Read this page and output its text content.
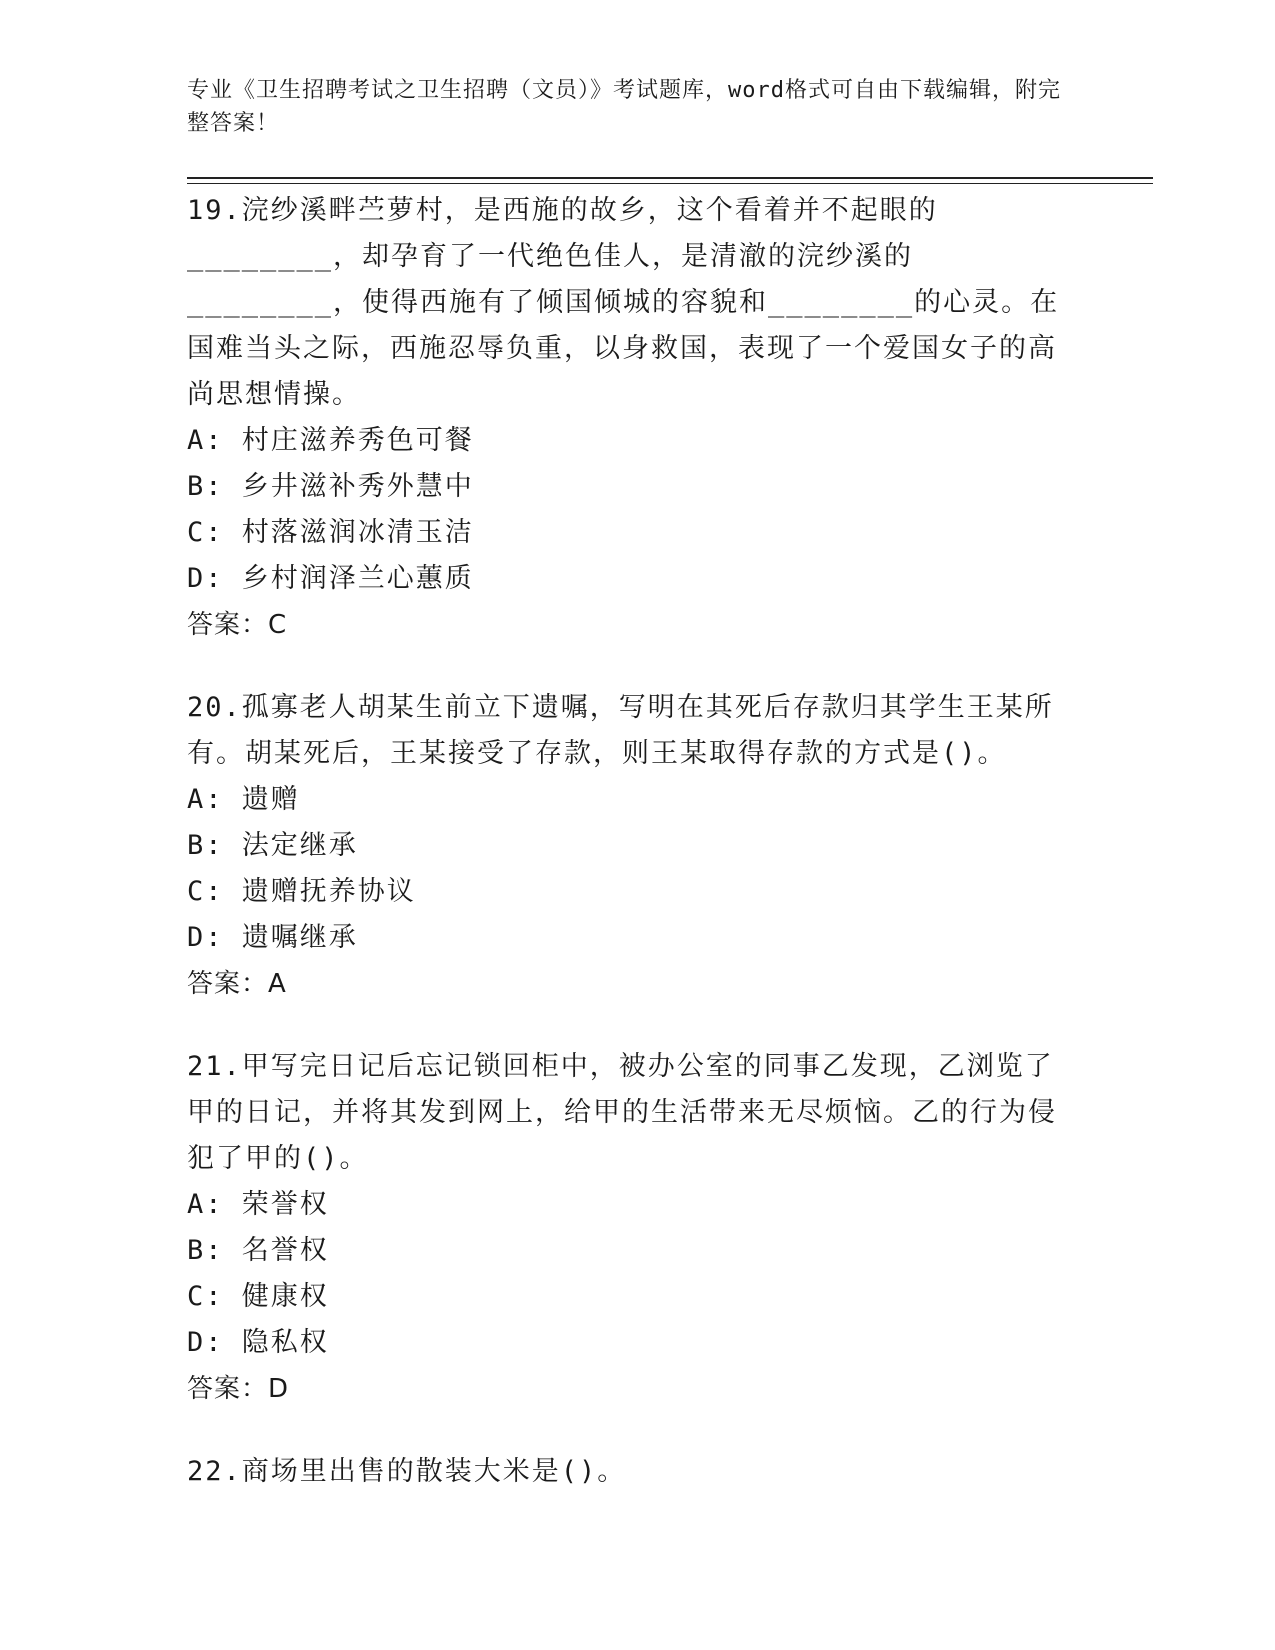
专业《卫生招聘考试之卫生招聘（文员）》考试题库，word格式可自由下载编辑，附完整答案！

19.浣纱溪畔苎萝村，是西施的故乡，这个看着并不起眼的________，却孕育了一代绝色佳人，是清澈的浣纱溪的________，使得西施有了倾国倾城的容貌和________的心灵。在国难当头之际，西施忍辱负重，以身救国，表现了一个爱国女子的高尚思想情操。

A: 村庄滋养秀色可餐

B: 乡井滋补秀外慧中

C: 村落滋润冰清玉洁

D: 乡村润泽兰心蕙质

答案：C

20.孤寡老人胡某生前立下遗嘱，写明在其死后存款归其学生王某所有。胡某死后，王某接受了存款，则王某取得存款的方式是()。

A: 遗赠

B: 法定继承

C: 遗赠抚养协议

D: 遗嘱继承

答案：A

21.甲写完日记后忘记锁回柜中，被办公室的同事乙发现，乙浏览了甲的日记，并将其发到网上，给甲的生活带来无尽烦恼。乙的行为侵犯了甲的()。

A: 荣誉权

B: 名誉权

C: 健康权

D: 隐私权

答案：D

22.商场里出售的散装大米是()。
